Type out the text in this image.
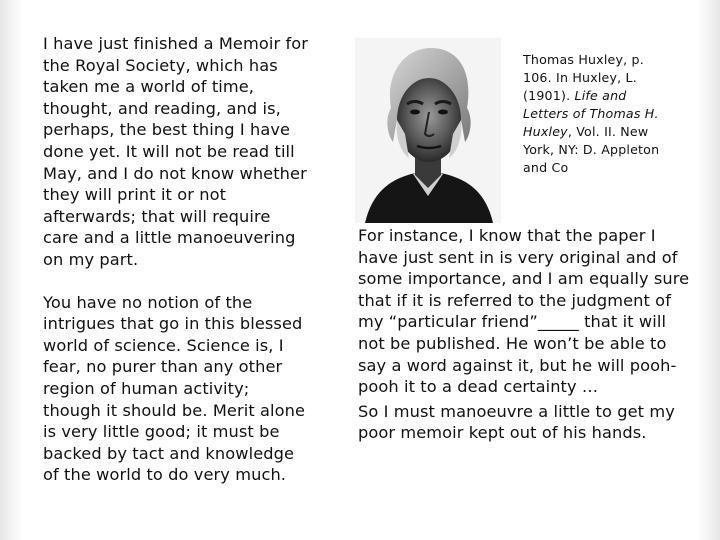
I have just finished a Memoir for the Royal Society, which has taken me a world of time, thought, and reading, and is, perhaps, the best thing I have done yet. It will not be read till May, and I do not know whether they will print it or not afterwards; that will require care and a little manoeuvering on my part.

You have no notion of the intrigues that go in this blessed world of science. Science is, I fear, no purer than any other region of human activity; though it should be. Merit alone is very little good; it must be backed by tact and knowledge of the world to do very much.

Thomas Huxley, p. 106. In Huxley, L. (1901). Life and Letters of Thomas H. Huxley, Vol. II. New York, NY: D. Appleton and Co

For instance, I know that the paper I have just sent in is very original and of some importance, and I am equally sure that if it is referred to the judgment of my “particular friend”_____ that it will not be published. He won’t be able to say a word against it, but he will pooh-pooh it to a dead certainty …

So I must manoeuvre a little to get my poor memoir kept out of his hands.
